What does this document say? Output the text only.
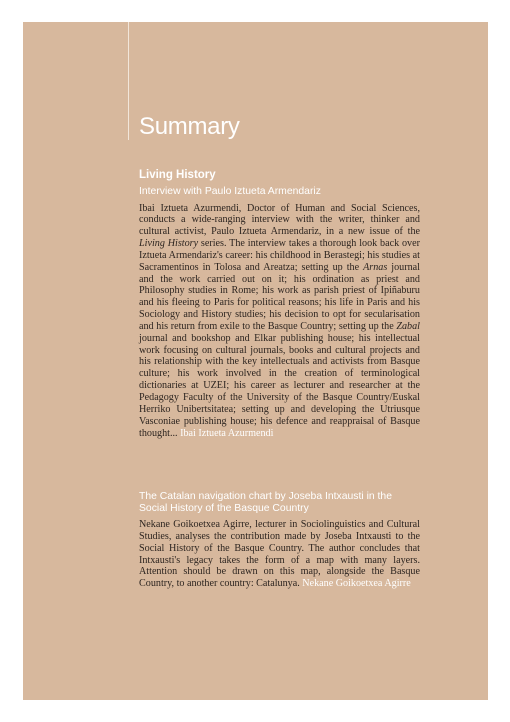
Summary
Living History
Interview with Paulo Iztueta Armendariz

Ibai Iztueta Azurmendi, Doctor of Human and Social Sciences, conducts a wide-ranging interview with the writer, thinker and cultural activist, Paulo Iztueta Armendariz, in a new issue of the Living History series. The interview takes a thorough look back over Iztueta Armendariz's career: his childhood in Berastegi; his studies at Sacramentinos in Tolosa and Areatza; setting up the Arnas journal and the work carried out on it; his ordination as priest and Philosophy studies in Rome; his work as parish priest of Ipiñaburu and his fleeing to Paris for political reasons; his life in Paris and his Sociology and History studies; his decision to opt for secularisation and his return from exile to the Basque Country; setting up the Zabal journal and bookshop and Elkar publishing house; his intellectual work focusing on cultural journals, books and cultural projects and his relationship with the key intellectuals and activists from Basque culture; his work involved in the creation of terminological dictionaries at UZEI; his career as lecturer and researcher at the Pedagogy Faculty of the University of the Basque Country/Euskal Herriko Unibertsitatea; setting up and developing the Utriusque Vasconiae publishing house; his defence and reappraisal of Basque thought... Ibai Iztueta Azurmendi

The Catalan navigation chart by Joseba Intxausti in the Social History of the Basque Country

Nekane Goikoetxea Agirre, lecturer in Sociolinguistics and Cultural Studies, analyses the contribution made by Joseba Intxausti to the Social History of the Basque Country. The author concludes that Intxausti's legacy takes the form of a map with many layers. Attention should be drawn on this map, alongside the Basque Country, to another country: Catalunya. Nekane Goikoetxea Agirre
